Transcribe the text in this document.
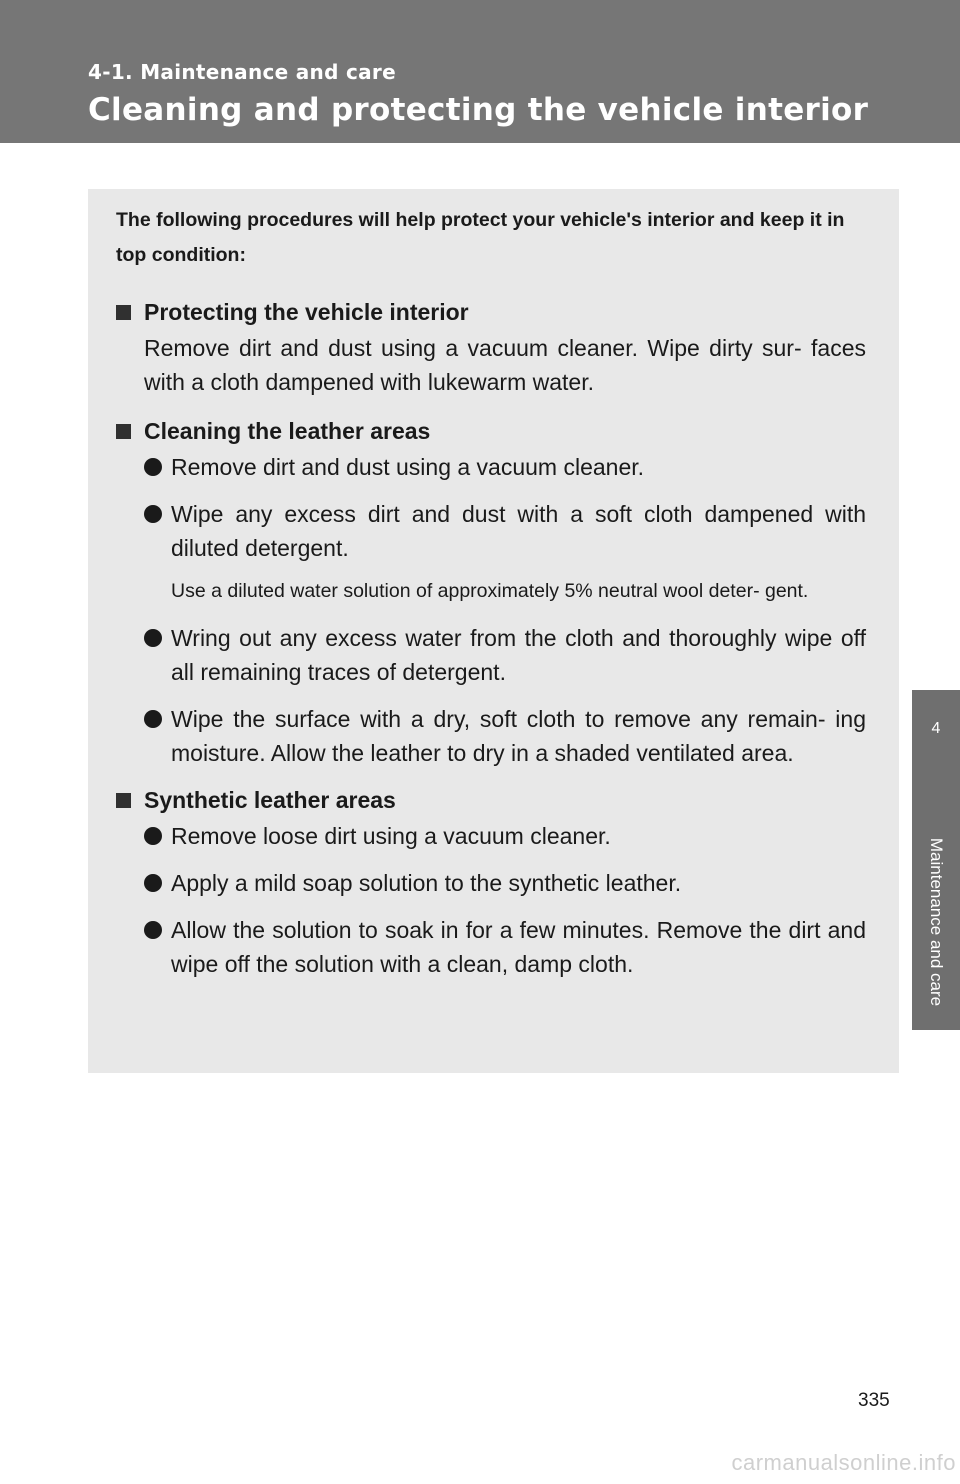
4-1. Maintenance and care
Cleaning and protecting the vehicle interior
4
Maintenance and care

The following procedures will help protect your vehicle's interior and keep it in top condition:

Protecting the vehicle interior

Remove dirt and dust using a vacuum cleaner. Wipe dirty sur- faces with a cloth dampened with lukewarm water.

Cleaning the leather areas
Remove dirt and dust using a vacuum cleaner.
Wipe any excess dirt and dust with a soft cloth dampened with diluted detergent.

Use a diluted water solution of approximately 5% neutral wool deter- gent.

Wring out any excess water from the cloth and thoroughly wipe off all remaining traces of detergent.
Wipe the surface with a dry, soft cloth to remove any remain- ing moisture. Allow the leather to dry in a shaded ventilated area.
Synthetic leather areas
Remove loose dirt using a vacuum cleaner.
Apply a mild soap solution to the synthetic leather.
Allow the solution to soak in for a few minutes. Remove the dirt and wipe off the solution with a clean, damp cloth.
335
carmanualsonline.info
